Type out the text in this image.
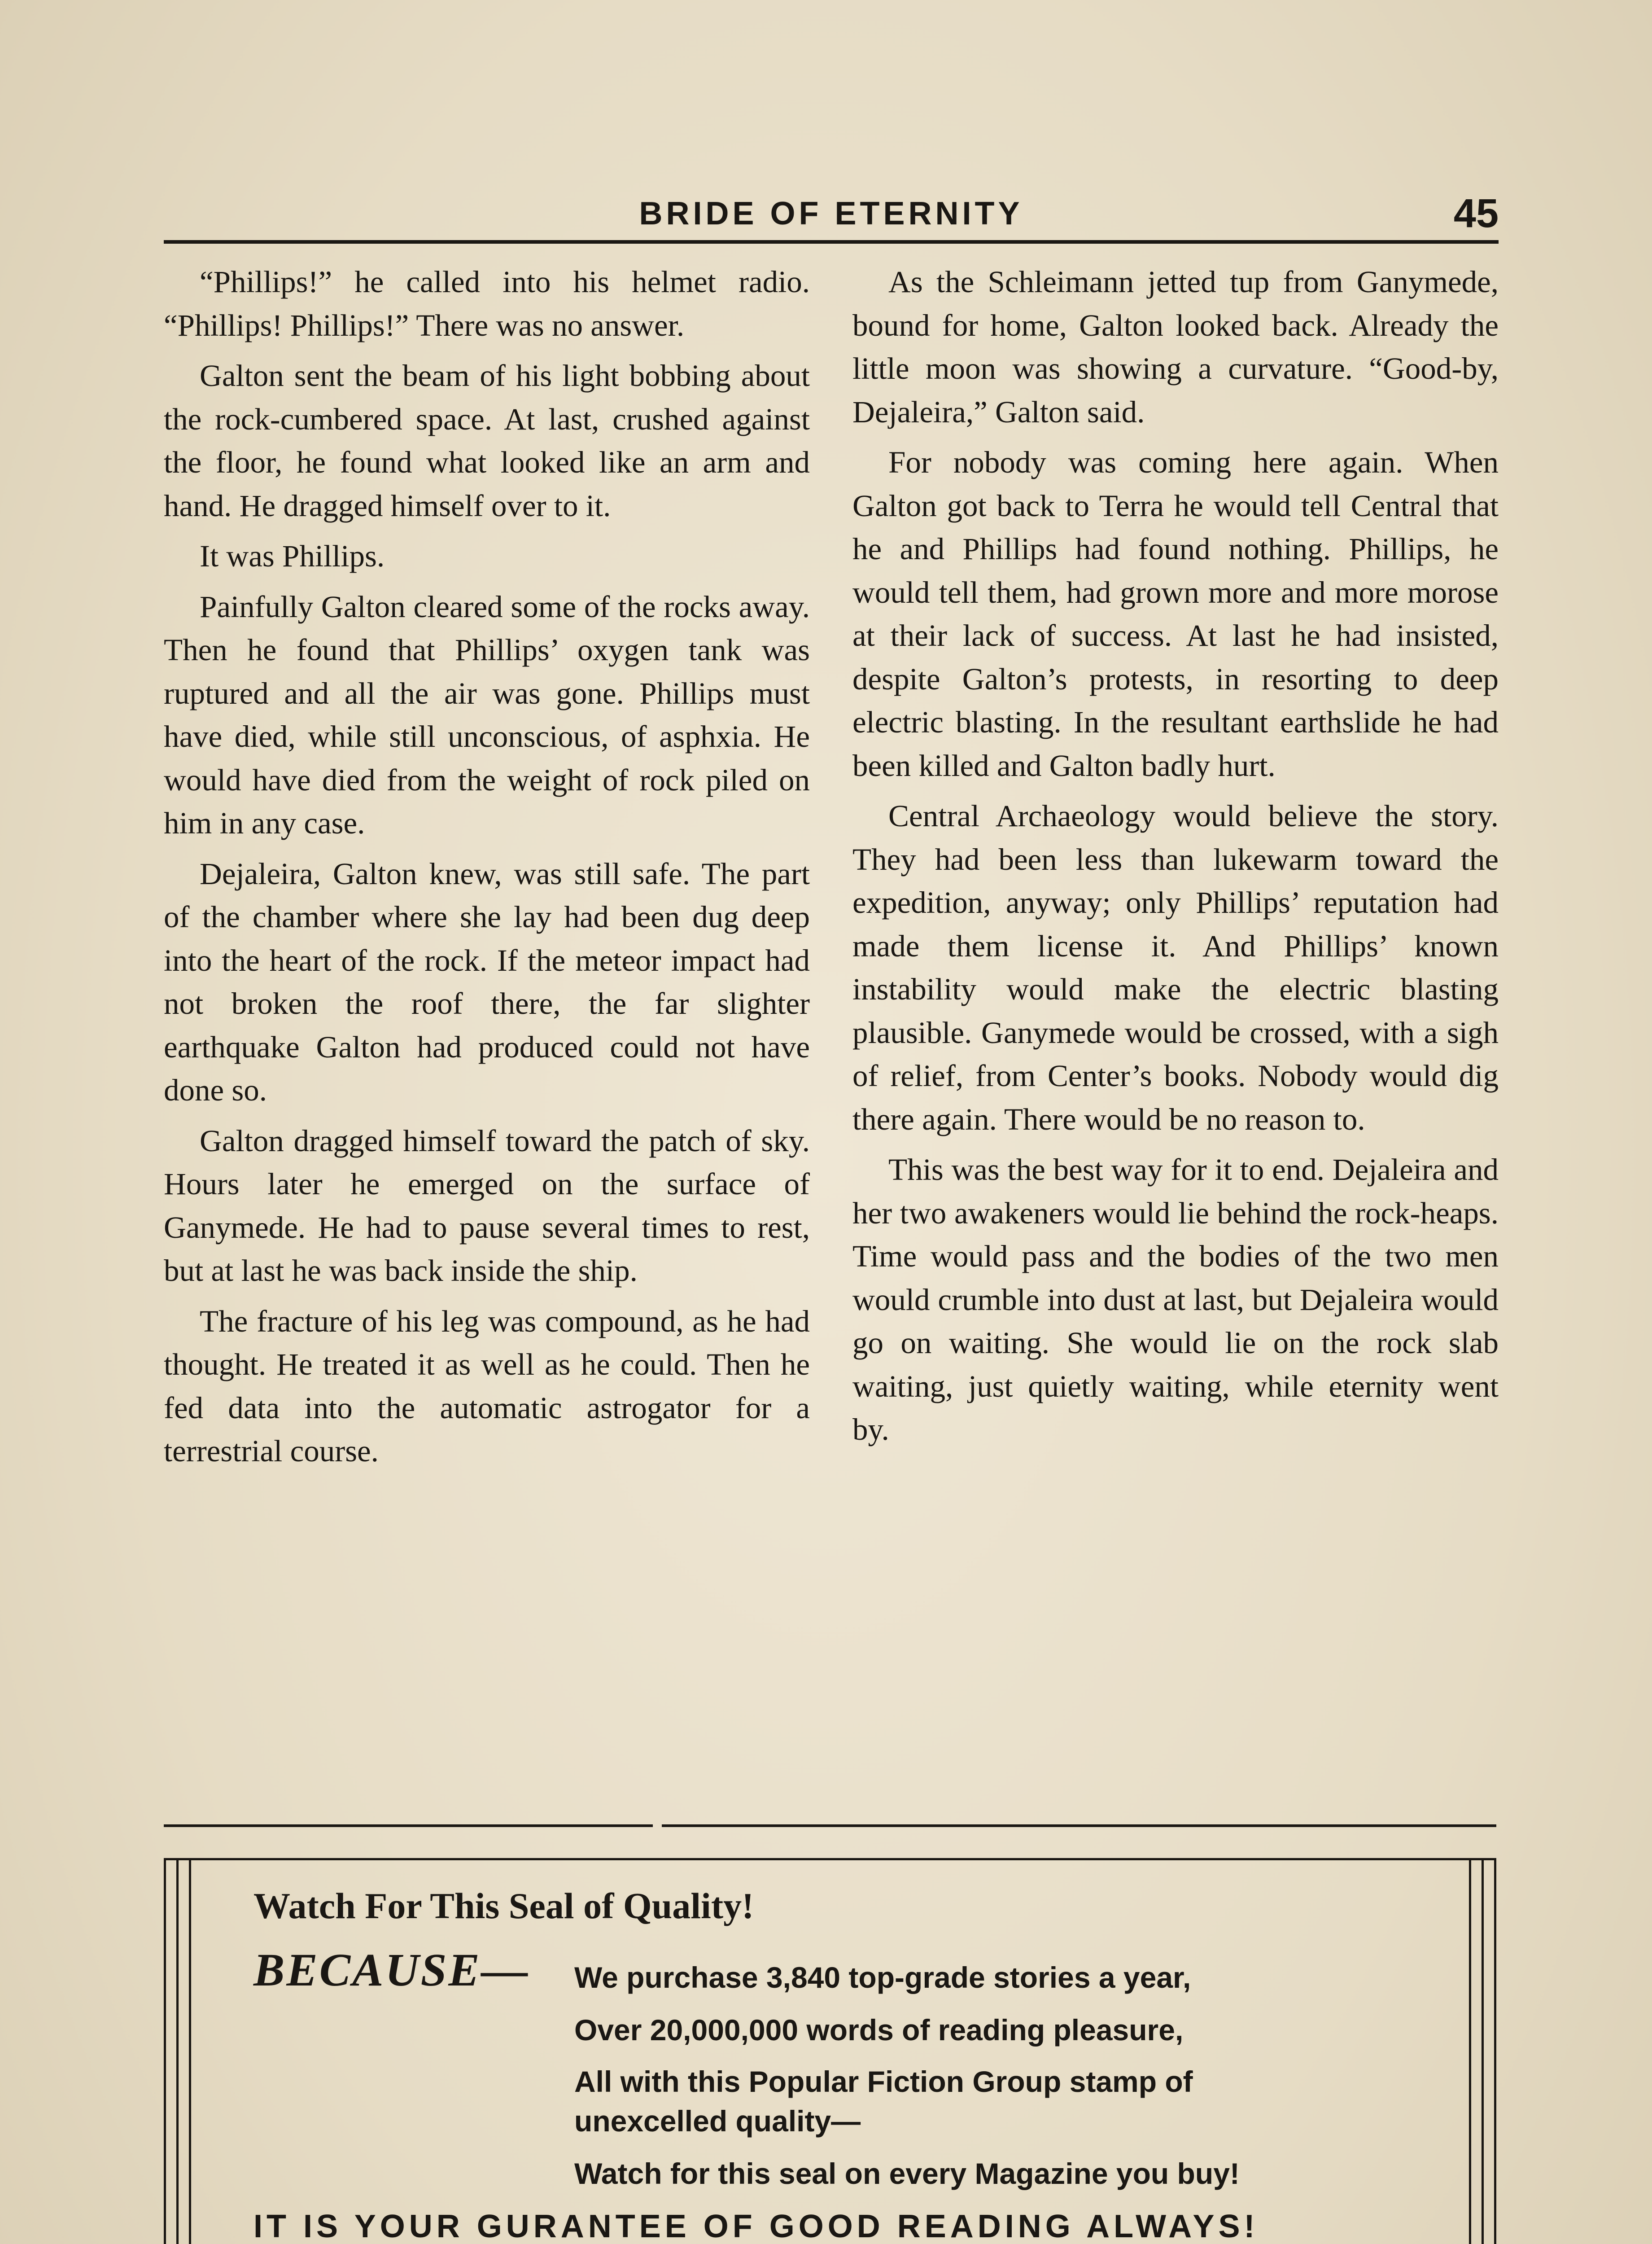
BRIDE OF ETERNITY	45

“Phillips!” he called into his helmet radio. “Phillips! Phillips!” There was no answer.

Galton sent the beam of his light bobbing about the rock-cumbered space. At last, crushed against the floor, he found what looked like an arm and hand. He dragged himself over to it.

It was Phillips.

Painfully Galton cleared some of the rocks away. Then he found that Phillips’ oxygen tank was ruptured and all the air was gone. Phillips must have died, while still unconscious, of asphxia. He would have died from the weight of rock piled on him in any case.

Dejaleira, Galton knew, was still safe. The part of the chamber where she lay had been dug deep into the heart of the rock. If the meteor impact had not broken the roof there, the far slighter earthquake Galton had produced could not have done so.

Galton dragged himself toward the patch of sky. Hours later he emerged on the surface of Ganymede. He had to pause several times to rest, but at last he was back inside the ship.

The fracture of his leg was compound, as he had thought. He treated it as well as he could. Then he fed data into the automatic astrogator for a terrestrial course.

As the Schleimann jetted tup from Ganymede, bound for home, Galton looked back. Already the little moon was showing a curvature. “Good-by, Dejaleira,” Galton said.

For nobody was coming here again. When Galton got back to Terra he would tell Central that he and Phillips had found nothing. Phillips, he would tell them, had grown more and more morose at their lack of success. At last he had insisted, despite Galton’s protests, in resorting to deep electric blasting. In the resultant earthslide he had been killed and Galton badly hurt.

Central Archaeology would believe the story. They had been less than lukewarm toward the expedition, anyway; only Phillips’ reputation had made them license it. And Phillips’ known instability would make the electric blasting plausible. Ganymede would be crossed, with a sigh of relief, from Center’s books. Nobody would dig there again. There would be no reason to.

This was the best way for it to end. Dejaleira and her two awakeners would lie behind the rock-heaps. Time would pass and the bodies of the two men would crumble into dust at last, but Dejaleira would go on waiting. She would lie on the rock slab waiting, just quietly waiting, while eternity went by.

Watch For This Seal of Quality!
BECAUSE— We purchase 3,840 top-grade stories a year,
Over 20,000,000 words of reading pleasure,
All with this Popular Fiction Group stamp of
unexcelled quality—
Watch for this seal on every Magazine you buy!
IT IS YOUR GURANTEE OF GOOD READING ALWAYS!
